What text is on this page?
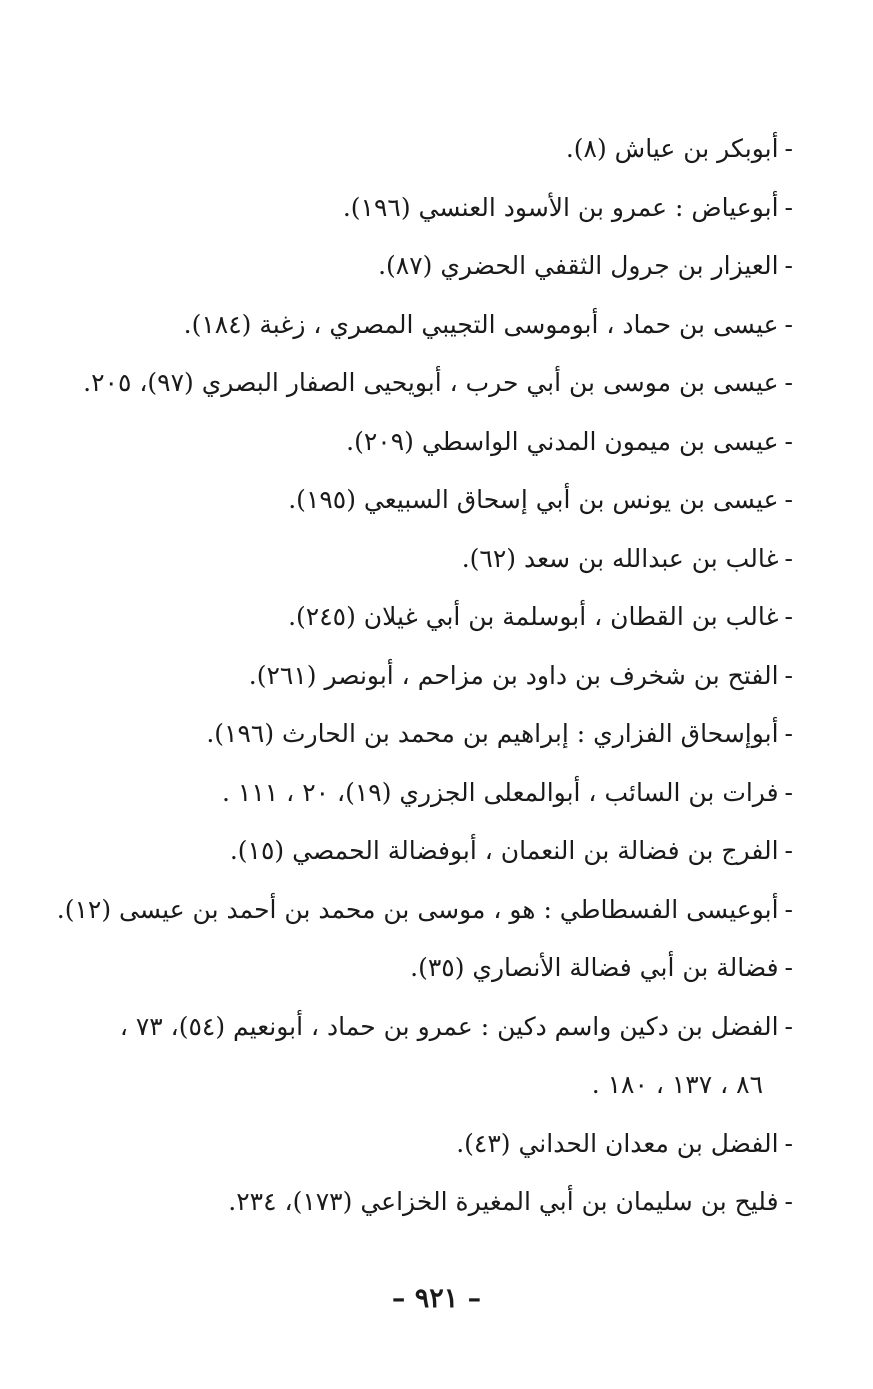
-أبوبكر بن عياش (٨).
-أبوعياض : عمرو بن الأسود العنسي (١٩٦).
-العيزار بن جرول الثقفي الحضري (٨٧).
-عيسى بن حماد ، أبوموسى التجيبي المصري ، زغبة (١٨٤).
-عيسى بن موسى بن أبي حرب ، أبويحيى الصفار البصري (٩٧)، ٢٠٥.
-عيسى بن ميمون المدني الواسطي (٢٠٩).
-عيسى بن يونس بن أبي إسحاق السبيعي (١٩٥).
-غالب بن عبدالله بن سعد (٦٢).
-غالب بن القطان ، أبوسلمة بن أبي غيلان (٢٤٥).
-الفتح بن شخرف بن داود بن مزاحم ، أبونصر (٢٦١).
-أبوإسحاق الفزاري : إبراهيم بن محمد بن الحارث (١٩٦).
-فرات بن السائب ، أبوالمعلى الجزري (١٩)، ٢٠ ، ١١١ .
-الفرج بن فضالة بن النعمان ، أبوفضالة الحمصي (١٥).
-أبوعيسى الفسطاطي : هو ، موسى بن محمد بن أحمد بن عيسى (١٢).
-فضالة بن أبي فضالة الأنصاري (٣٥).
-الفضل بن دكين واسم دكين : عمرو بن حماد ، أبونعيم (٥٤)، ٧٣ ،
٨٦ ، ١٣٧ ، ١٨٠ .
-الفضل بن معدان الحداني (٤٣).
-فليح بن سليمان بن أبي المغيرة الخزاعي (١٧٣)، ٢٣٤.
– ٩٢١ –
